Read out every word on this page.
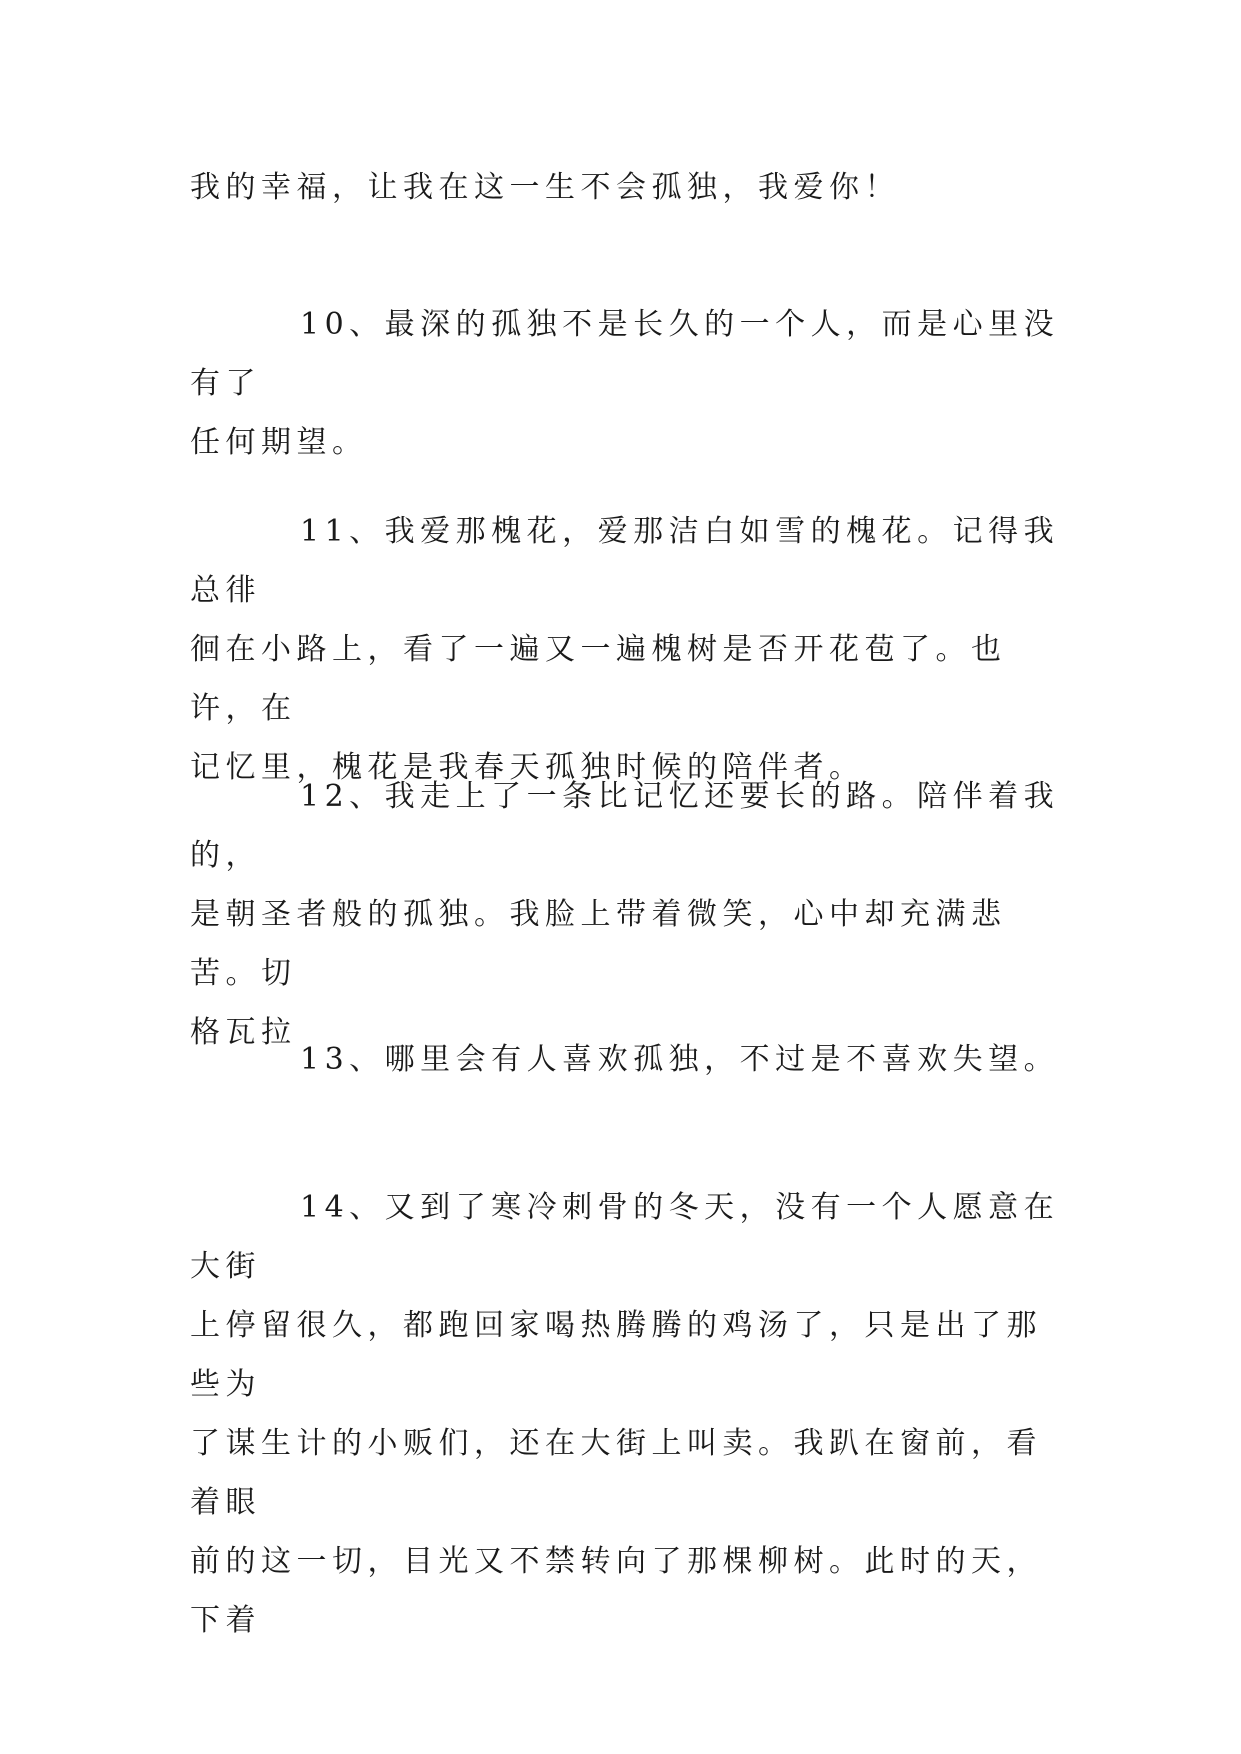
我的幸福，让我在这一生不会孤独，我爱你！

10、最深的孤独不是长久的一个人，而是心里没有了
任何期望。

11、我爱那槐花，爱那洁白如雪的槐花。记得我总徘
徊在小路上，看了一遍又一遍槐树是否开花苞了。也许，在
记忆里，槐花是我春天孤独时候的陪伴者。

12、我走上了一条比记忆还要长的路。陪伴着我的，
是朝圣者般的孤独。我脸上带着微笑，心中却充满悲苦。切
格瓦拉

13、哪里会有人喜欢孤独，不过是不喜欢失望。

14、又到了寒冷刺骨的冬天，没有一个人愿意在大街
上停留很久，都跑回家喝热腾腾的鸡汤了，只是出了那些为
了谋生计的小贩们，还在大街上叫卖。我趴在窗前，看着眼
前的这一切，目光又不禁转向了那棵柳树。此时的天，下着
